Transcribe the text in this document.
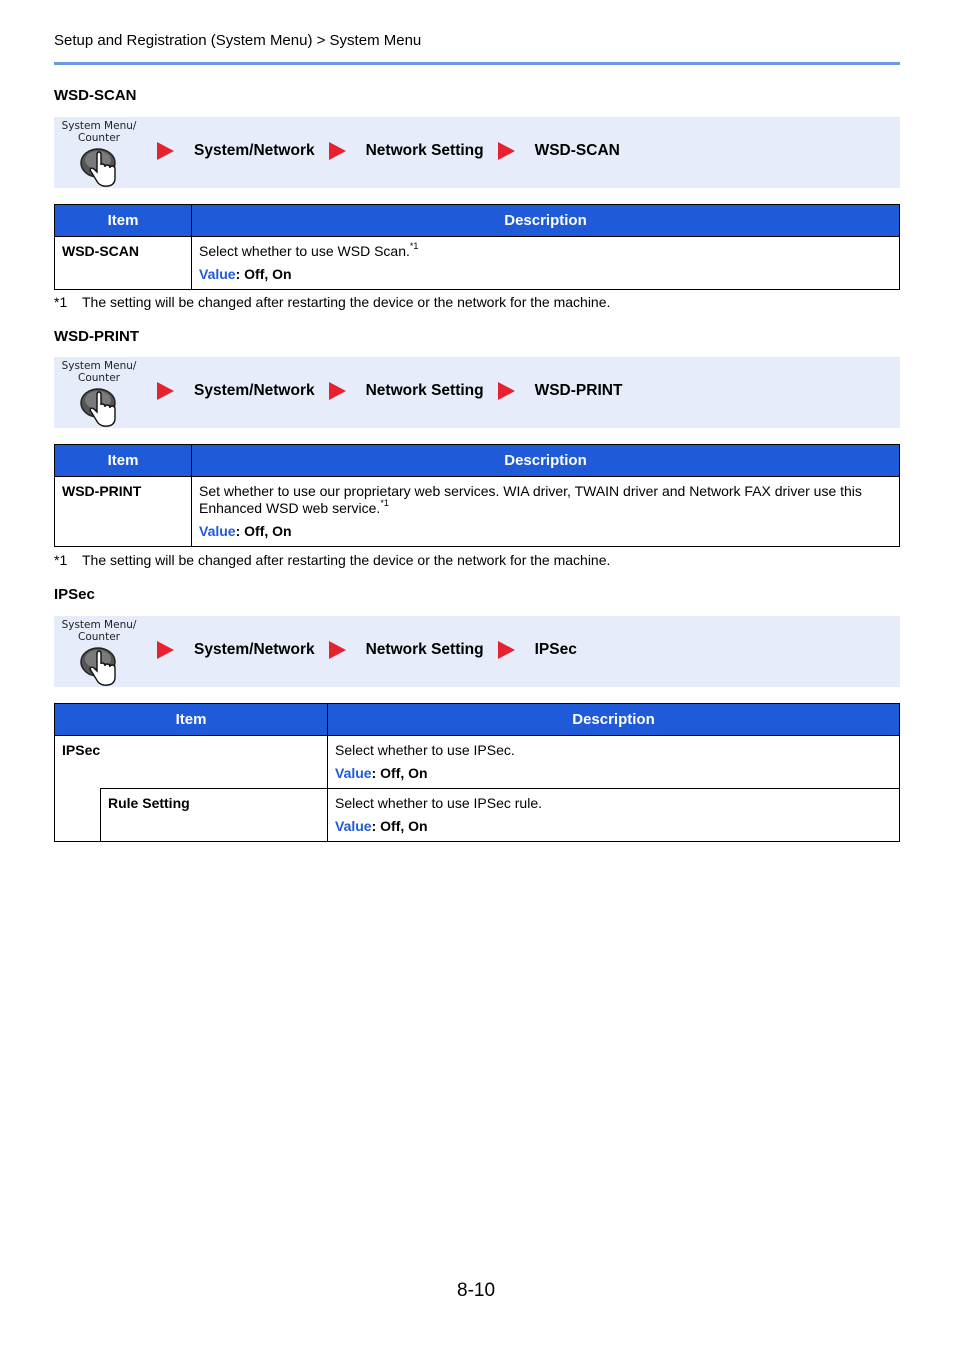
Setup and Registration (System Menu) > System Menu
WSD-SCAN
System Menu/
Counter
System/Network	Network Setting	WSD-SCAN
Item	Description
WSD-SCAN	Select whether to use WSD Scan.$^{*1}$
Value: Off, On
*1 The setting will be changed after restarting the device or the network for the machine.
WSD-PRINT
System Menu/
Counter
System/Network	Network Setting	WSD-PRINT
Item	Description
WSD-PRINT	Set whether to use our proprietary web services. WIA driver, TWAIN driver and Network FAX driver use this Enhanced WSD web service.$^{*1}$
Value: Off, On
*1 The setting will be changed after restarting the device or the network for the machine.
IPSec
System Menu/
Counter
System/Network	Network Setting	IPSec
Item		Description
IPSec		Select whether to use IPSec.
Value: Off, On

	Rule Setting	Select whether to use IPSec rule.
Value: Off, On
8-10
